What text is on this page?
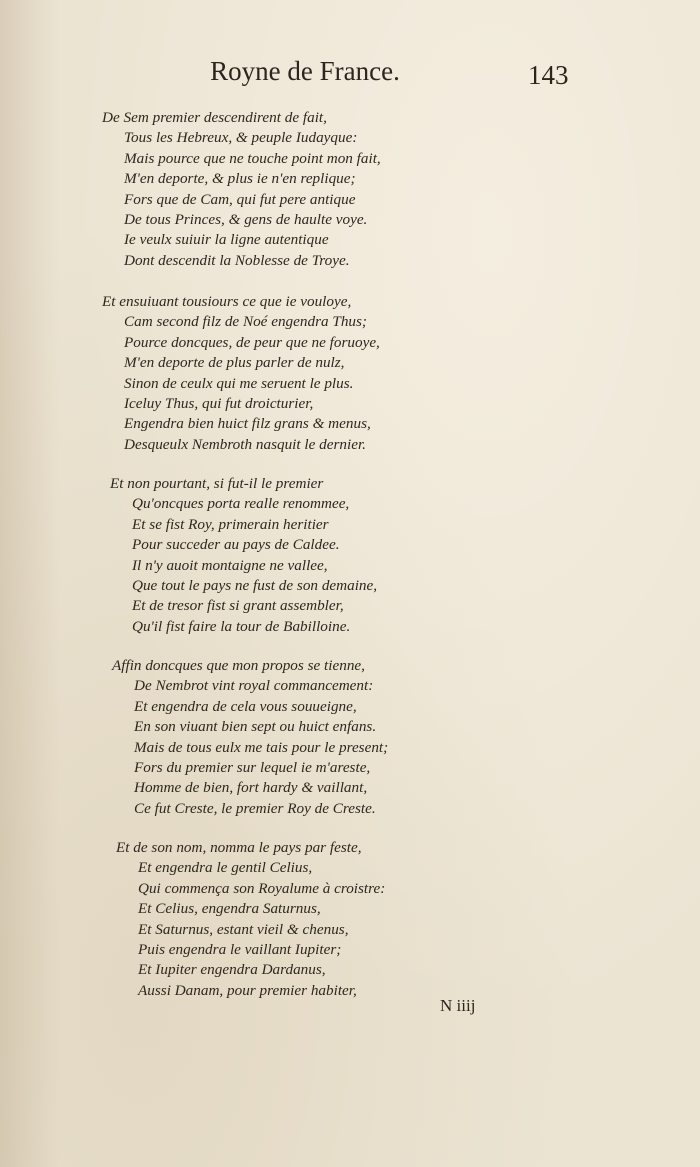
Royne de France.	143
De Sem premier descendirent de fait,
Tous les Hebreux, & peuple Iudayque:
Mais pource que ne touche point mon fait,
M'en deporte, & plus ie n'en replique;
Fors que de Cam, qui fut pere antique
De tous Princes, & gens de haulte voye.
Ie veulx suiuir la ligne autentique
Dont descendit la Noblesse de Troye.
Et ensuiuant tousiours ce que ie vouloye,
Cam second filz de Noé engendra Thus;
Pource doncques, de peur que ne foruoye,
M'en deporte de plus parler de nulz,
Sinon de ceulx qui me seruent le plus.
Iceluy Thus, qui fut droicturier,
Engendra bien huict filz grans & menus,
Desqueulx Nembroth nasquit le dernier.
Et non pourtant, si fut-il le premier
Qu'oncques porta realle renommee,
Et se fist Roy, primerain heritier
Pour succeder au pays de Caldee.
Il n'y auoit montaigne ne vallee,
Que tout le pays ne fust de son demaine,
Et de tresor fist si grant assembler,
Qu'il fist faire la tour de Babilloine.
Affin doncques que mon propos se tienne,
De Nembrot vint royal commancement:
Et engendra de cela vous souueigne,
En son viuant bien sept ou huict enfans.
Mais de tous eulx me tais pour le present;
Fors du premier sur lequel ie m'areste,
Homme de bien, fort hardy & vaillant,
Ce fut Creste, le premier Roy de Creste.
Et de son nom, nomma le pays par feste,
Et engendra le gentil Celius,
Qui commença son Royalume à croistre:
Et Celius, engendra Saturnus,
Et Saturnus, estant vieil & chenus,
Puis engendra le vaillant Iupiter;
Et Iupiter engendra Dardanus,
Aussi Danam, pour premier habiter,
N iiij
